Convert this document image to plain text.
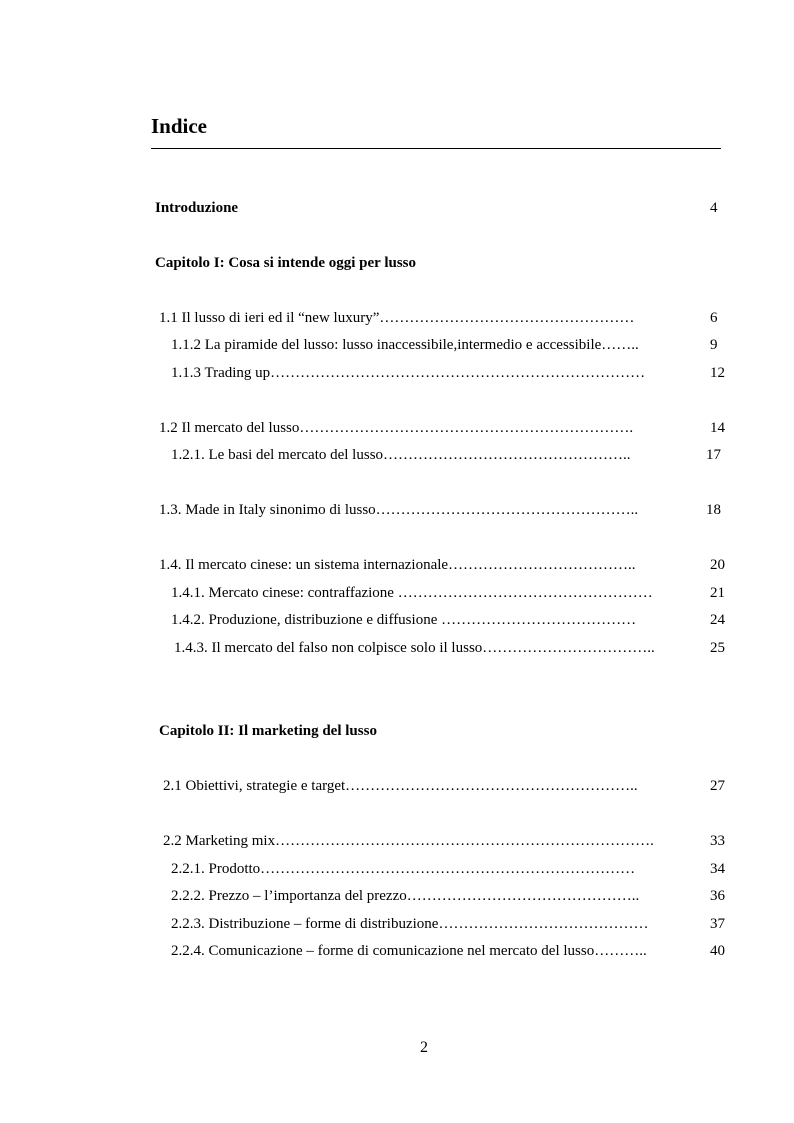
Indice
Introduzione	4
Capitolo I: Cosa si intende oggi per lusso
1.1 Il lusso di ieri ed il “new luxury”……………………………………………	6
1.1.2 La piramide del lusso: lusso inaccessibile,intermedio e accessibile……..	9
1.1.3 Trading up…………………………………………………………………	12
1.2 Il mercato del lusso………………………………………………………….	14
1.2.1. Le basi del mercato del lusso…………………………………………..	17
1.3. Made in Italy sinonimo di lusso……………………………………………..	18
1.4. Il mercato cinese: un sistema internazionale………………………………..	20
1.4.1. Mercato cinese: contraffazione ……………………………………………	21
1.4.2. Produzione, distribuzione e diffusione …………………………………	24
1.4.3. Il mercato del falso non colpisce solo il lusso……………………………..	25
Capitolo II: Il marketing del lusso
2.1 Obiettivi, strategie e target…………………………………………………..	27
2.2 Marketing mix………………………………………………………………….	33
2.2.1. Prodotto…………………………………………………………………	34
2.2.2. Prezzo – l’importanza del prezzo………………………………………..	36
2.2.3. Distribuzione – forme di distribuzione……………………………………	37
2.2.4. Comunicazione – forme di comunicazione nel mercato del lusso………..	40
2
